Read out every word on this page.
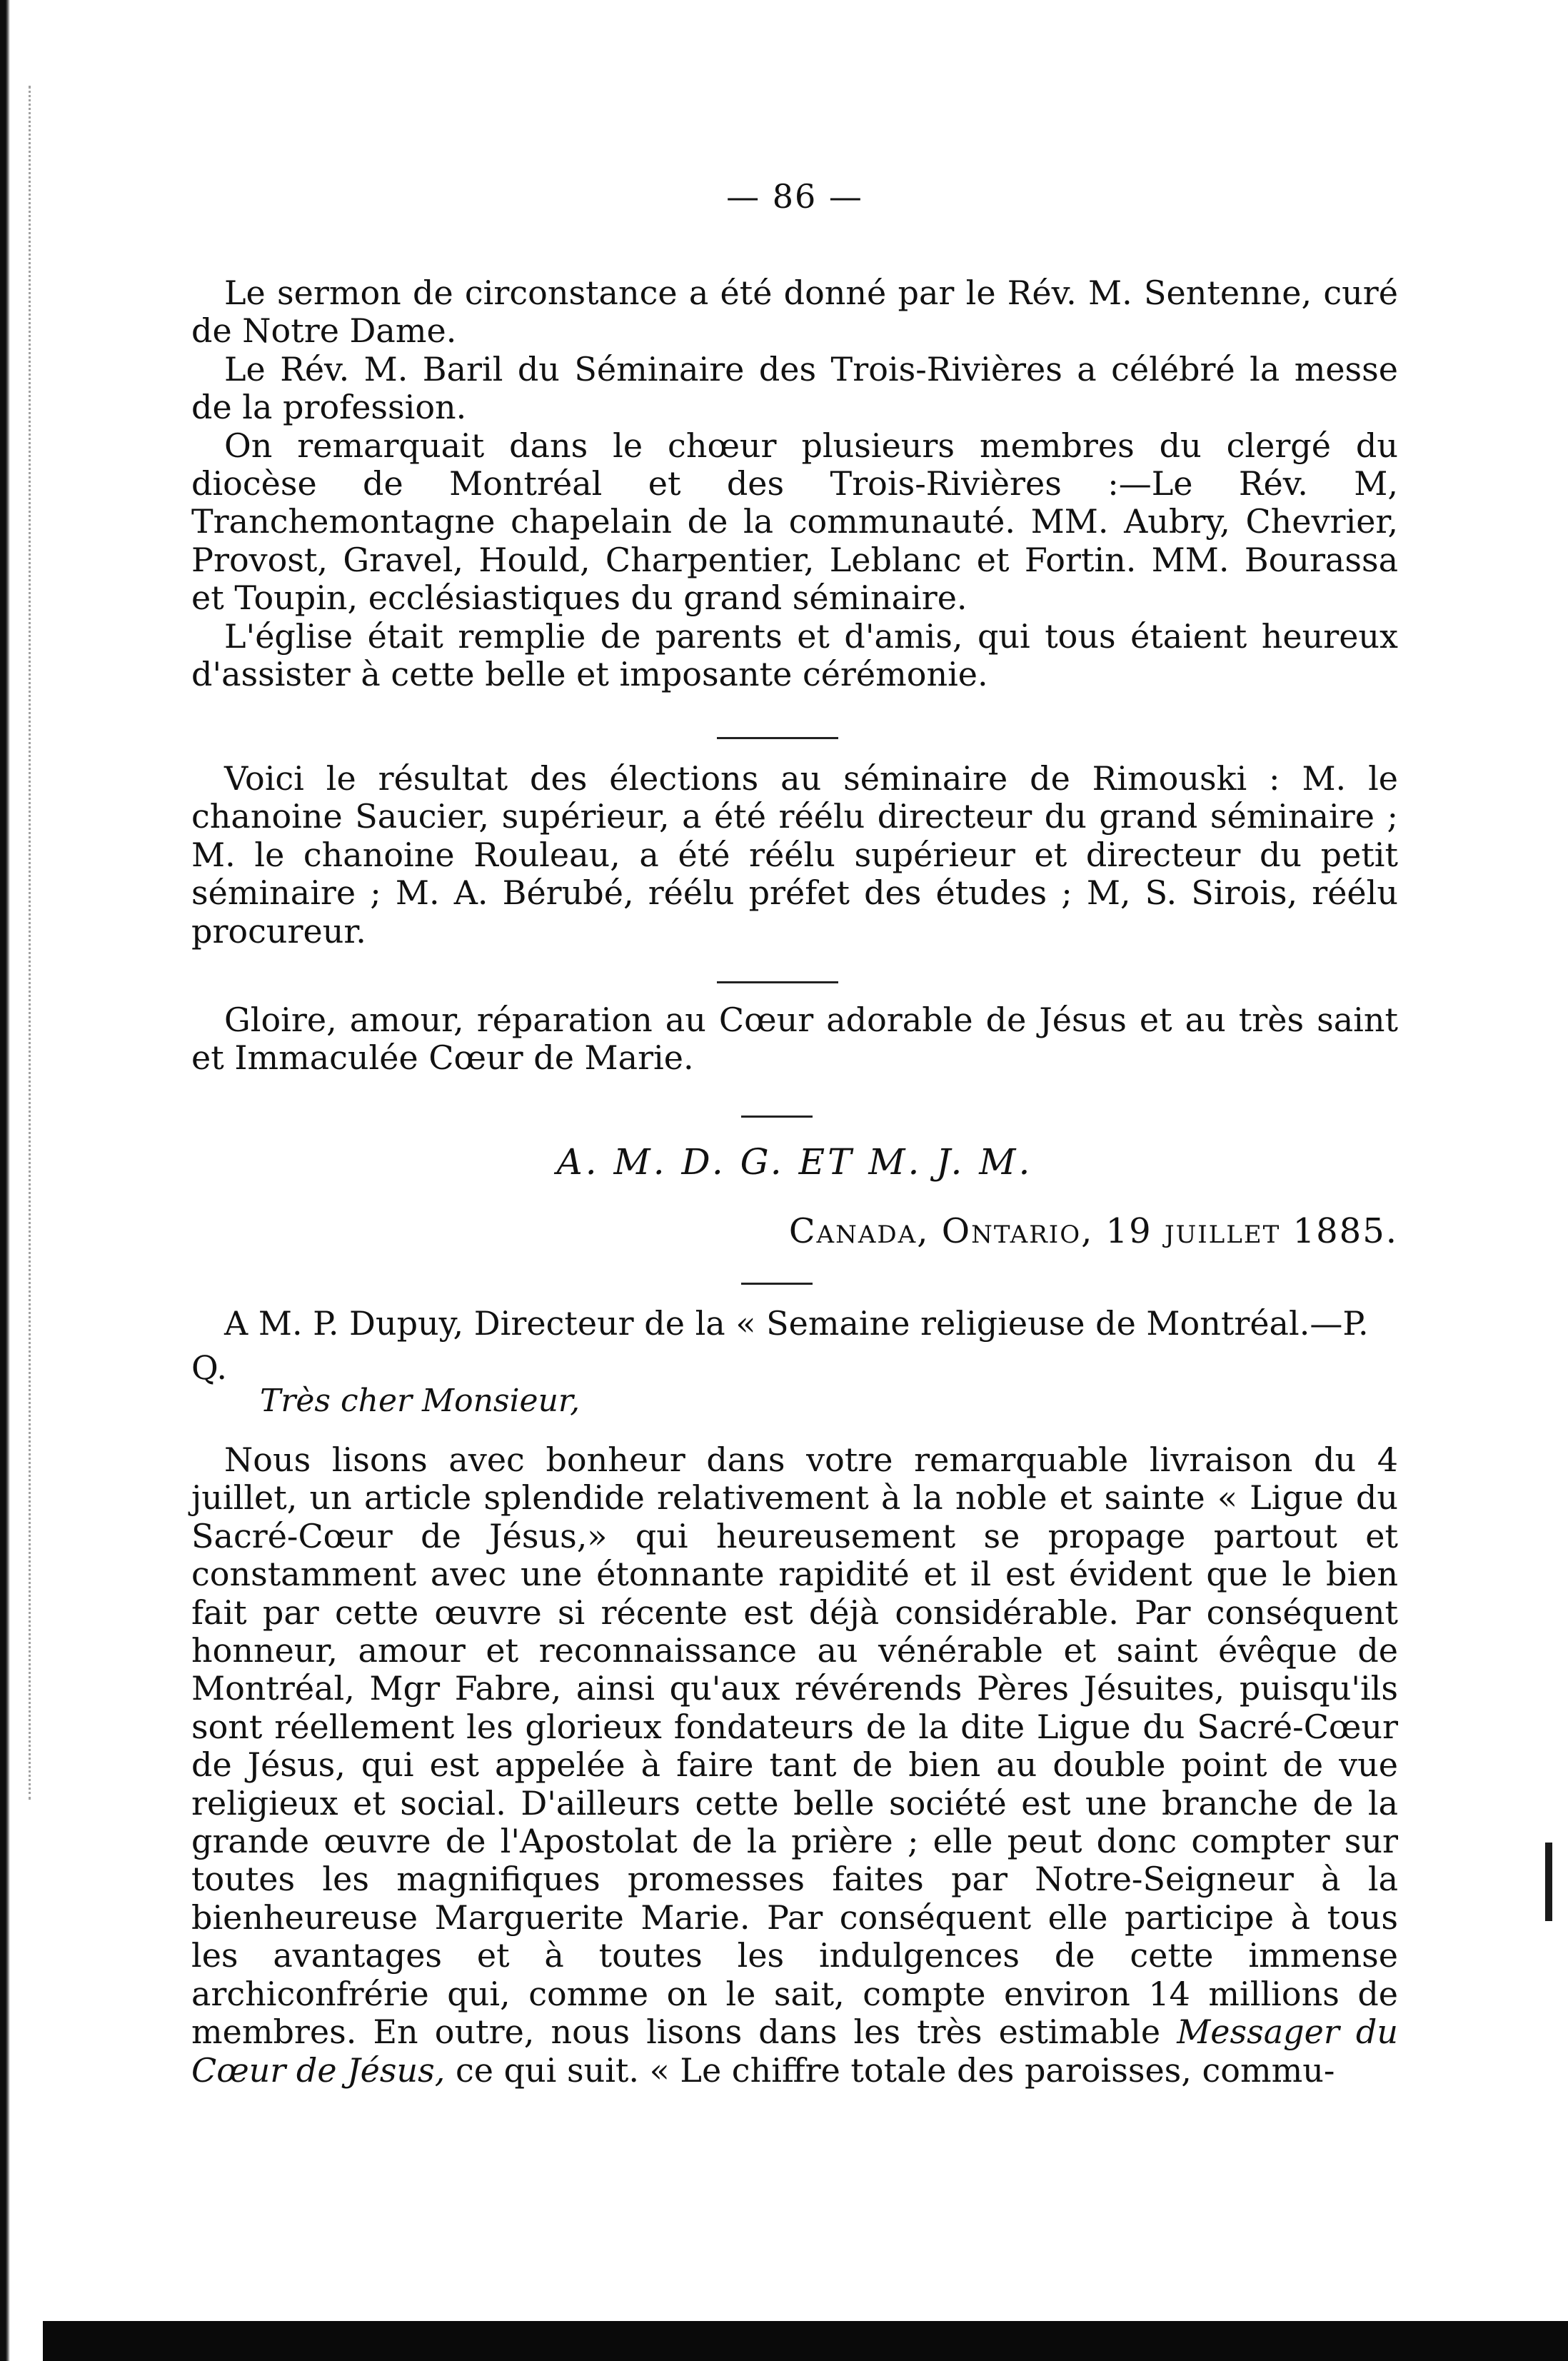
— 86 —

Le sermon de circonstance a été donné par le Rév. M. Sentenne, curé de Notre Dame.

Le Rév. M. Baril du Séminaire des Trois-Rivières a célébré la messe de la profession.

On remarquait dans le chœur plusieurs membres du clergé du diocèse de Montréal et des Trois-Rivières :—Le Rév. M, Tranchemontagne chapelain de la communauté. MM. Aubry, Chevrier, Provost, Gravel, Hould, Charpentier, Leblanc et Fortin. MM. Bourassa et Toupin, ecclésiastiques du grand séminaire.

L'église était remplie de parents et d'amis, qui tous étaient heureux d'assister à cette belle et imposante cérémonie.

Voici le résultat des élections au séminaire de Rimouski : M. le chanoine Saucier, supérieur, a été réélu directeur du grand séminaire ; M. le chanoine Rouleau, a été réélu supérieur et directeur du petit séminaire ; M. A. Bérubé, réélu préfet des études ; M, S. Sirois, réélu procureur.

Gloire, amour, réparation au Cœur adorable de Jésus et au très saint et Immaculée Cœur de Marie.

A. M. D. G. ET M. J. M.
Canada, Ontario, 19 juillet 1885.
A M. P. Dupuy, Directeur de la « Semaine religieuse de Montréal.—P. Q.
Très cher Monsieur,

Nous lisons avec bonheur dans votre remarquable livraison du 4 juillet, un article splendide relativement à la noble et sainte « Ligue du Sacré-Cœur de Jésus,» qui heureusement se propage partout et constamment avec une étonnante rapidité et il est évident que le bien fait par cette œuvre si récente est déjà considérable. Par conséquent honneur, amour et reconnaissance au vénérable et saint évêque de Montréal, Mgr Fabre, ainsi qu'aux révérends Pères Jésuites, puisqu'ils sont réellement les glorieux fondateurs de la dite Ligue du Sacré-Cœur de Jésus, qui est appelée à faire tant de bien au double point de vue religieux et social. D'ailleurs cette belle société est une branche de la grande œuvre de l'Apostolat de la prière ; elle peut donc compter sur toutes les magnifiques promesses faites par Notre-Seigneur à la bienheureuse Marguerite Marie. Par conséquent elle participe à tous les avantages et à toutes les indulgences de cette immense archiconfrérie qui, comme on le sait, compte environ 14 millions de membres. En outre, nous lisons dans les très estimable Messager du Cœur de Jésus, ce qui suit. « Le chiffre totale des paroisses, commu-
